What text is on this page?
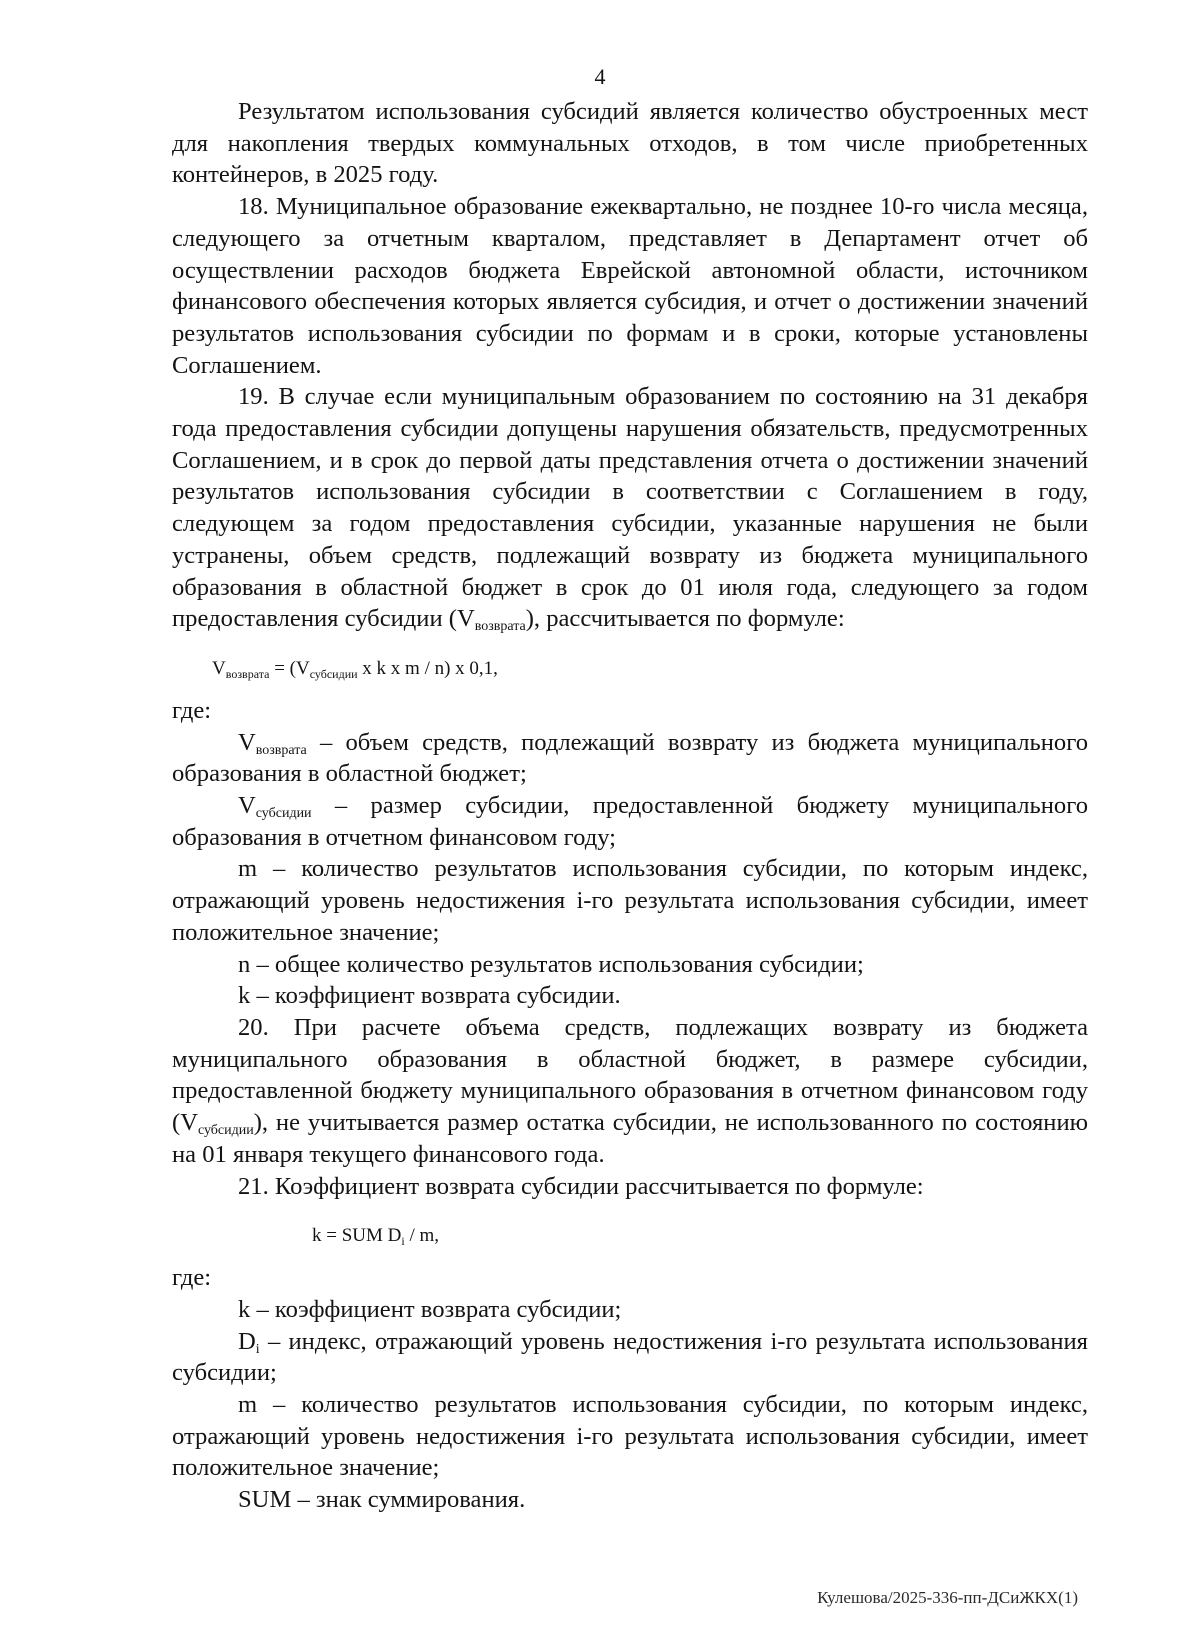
4

Результатом использования субсидий является количество обустроенных мест для накопления твердых коммунальных отходов, в том числе приобретенных контейнеров, в 2025 году.

18. Муниципальное образование ежеквартально, не позднее 10-го числа месяца, следующего за отчетным кварталом, представляет в Департамент отчет об осуществлении расходов бюджета Еврейской автономной области, источником финансового обеспечения которых является субсидия, и отчет о достижении значений результатов использования субсидии по формам и в сроки, которые установлены Соглашением.

19. В случае если муниципальным образованием по состоянию на 31 декабря года предоставления субсидии допущены нарушения обязательств, предусмотренных Соглашением, и в срок до первой даты представления отчета о достижении значений результатов использования субсидии в соответствии с Соглашением в году, следующем за годом предоставления субсидии, указанные нарушения не были устранены, объем средств, подлежащий возврату из бюджета муниципального образования в областной бюджет в срок до 01 июля года, следующего за годом предоставления субсидии $(V_{возврата})$, рассчитывается по формуле:

$V_{возврата} = (V_{субсидии}$ x k x m / n) x 0,1,

где:

$V_{возврата}$ – объем средств, подлежащий возврату из бюджета муниципального образования в областной бюджет;

$V_{субсидии}$ – размер субсидии, предоставленной бюджету муниципального образования в отчетном финансовом году;

m – количество результатов использования субсидии, по которым индекс, отражающий уровень недостижения i-го результата использования субсидии, имеет положительное значение;

n – общее количество результатов использования субсидии;

k – коэффициент возврата субсидии.

20. При расчете объема средств, подлежащих возврату из бюджета муниципального образования в областной бюджет, в размере субсидии, предоставленной бюджету муниципального образования в отчетном финансовом году $(V_{субсидии})$, не учитывается размер остатка субсидии, не использованного по состоянию на 01 января текущего финансового года.

21. Коэффициент возврата субсидии рассчитывается по формуле:

k = SUM $D_i$ / m,

где:

k – коэффициент возврата субсидии;

$D_i$ – индекс, отражающий уровень недостижения i-го результата использования субсидии;

m – количество результатов использования субсидии, по которым индекс, отражающий уровень недостижения i-го результата использования субсидии, имеет положительное значение;

SUM – знак суммирования.

Кулешова/2025-336-пп-ДСиЖКХ(1)
